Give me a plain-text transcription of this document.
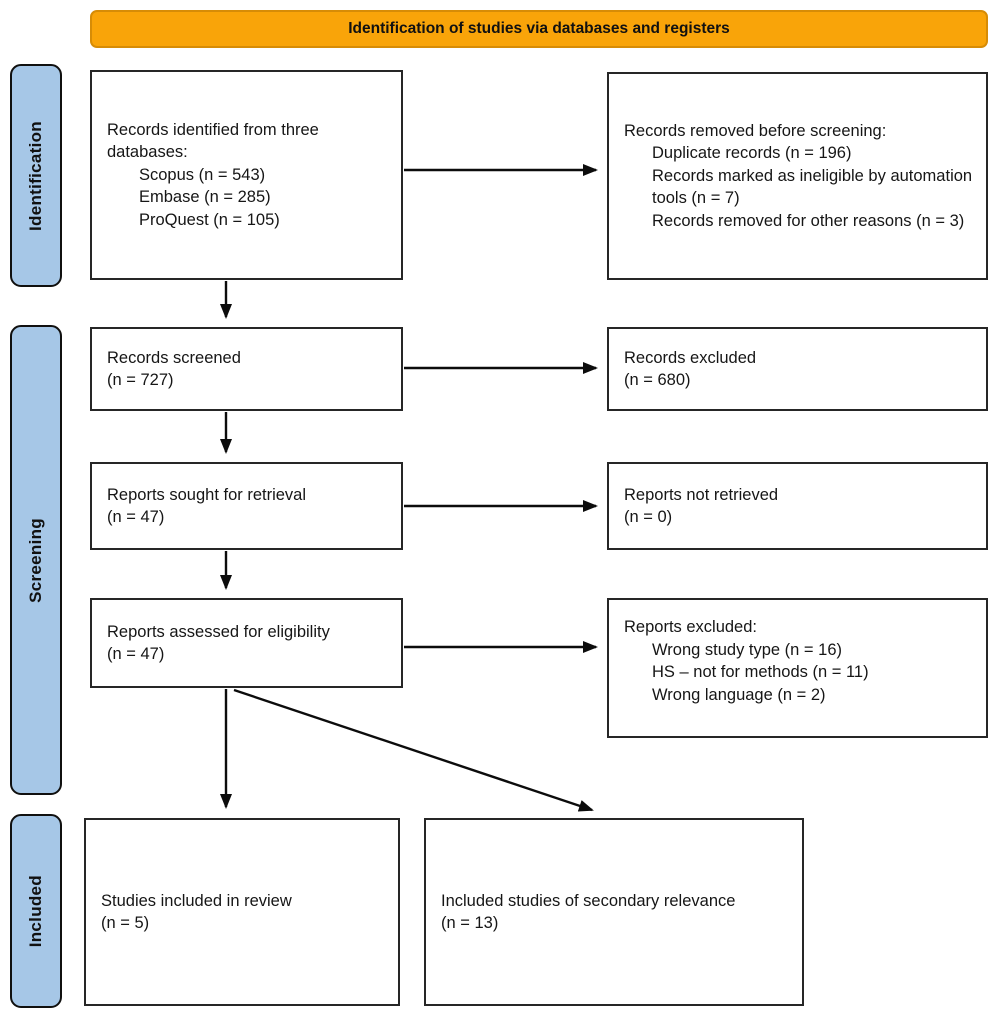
Identification of studies via databases and registers
Identification
Screening
Included
Records identified from three databases:
Scopus (n = 543)
Embase (n = 285)
ProQuest (n = 105)
Records removed before screening:
Duplicate records (n = 196)
Records marked as ineligible by automation tools (n = 7)
Records removed for other reasons (n = 3)
Records screened
(n = 727)
Records excluded
(n = 680)
Reports sought for retrieval
(n = 47)
Reports not retrieved
(n = 0)
Reports assessed for eligibility
(n = 47)
Reports excluded:
Wrong study type (n = 16)
HS – not for methods (n = 11)
Wrong language (n = 2)
Studies included in review
(n = 5)
Included studies of secondary relevance
(n = 13)
